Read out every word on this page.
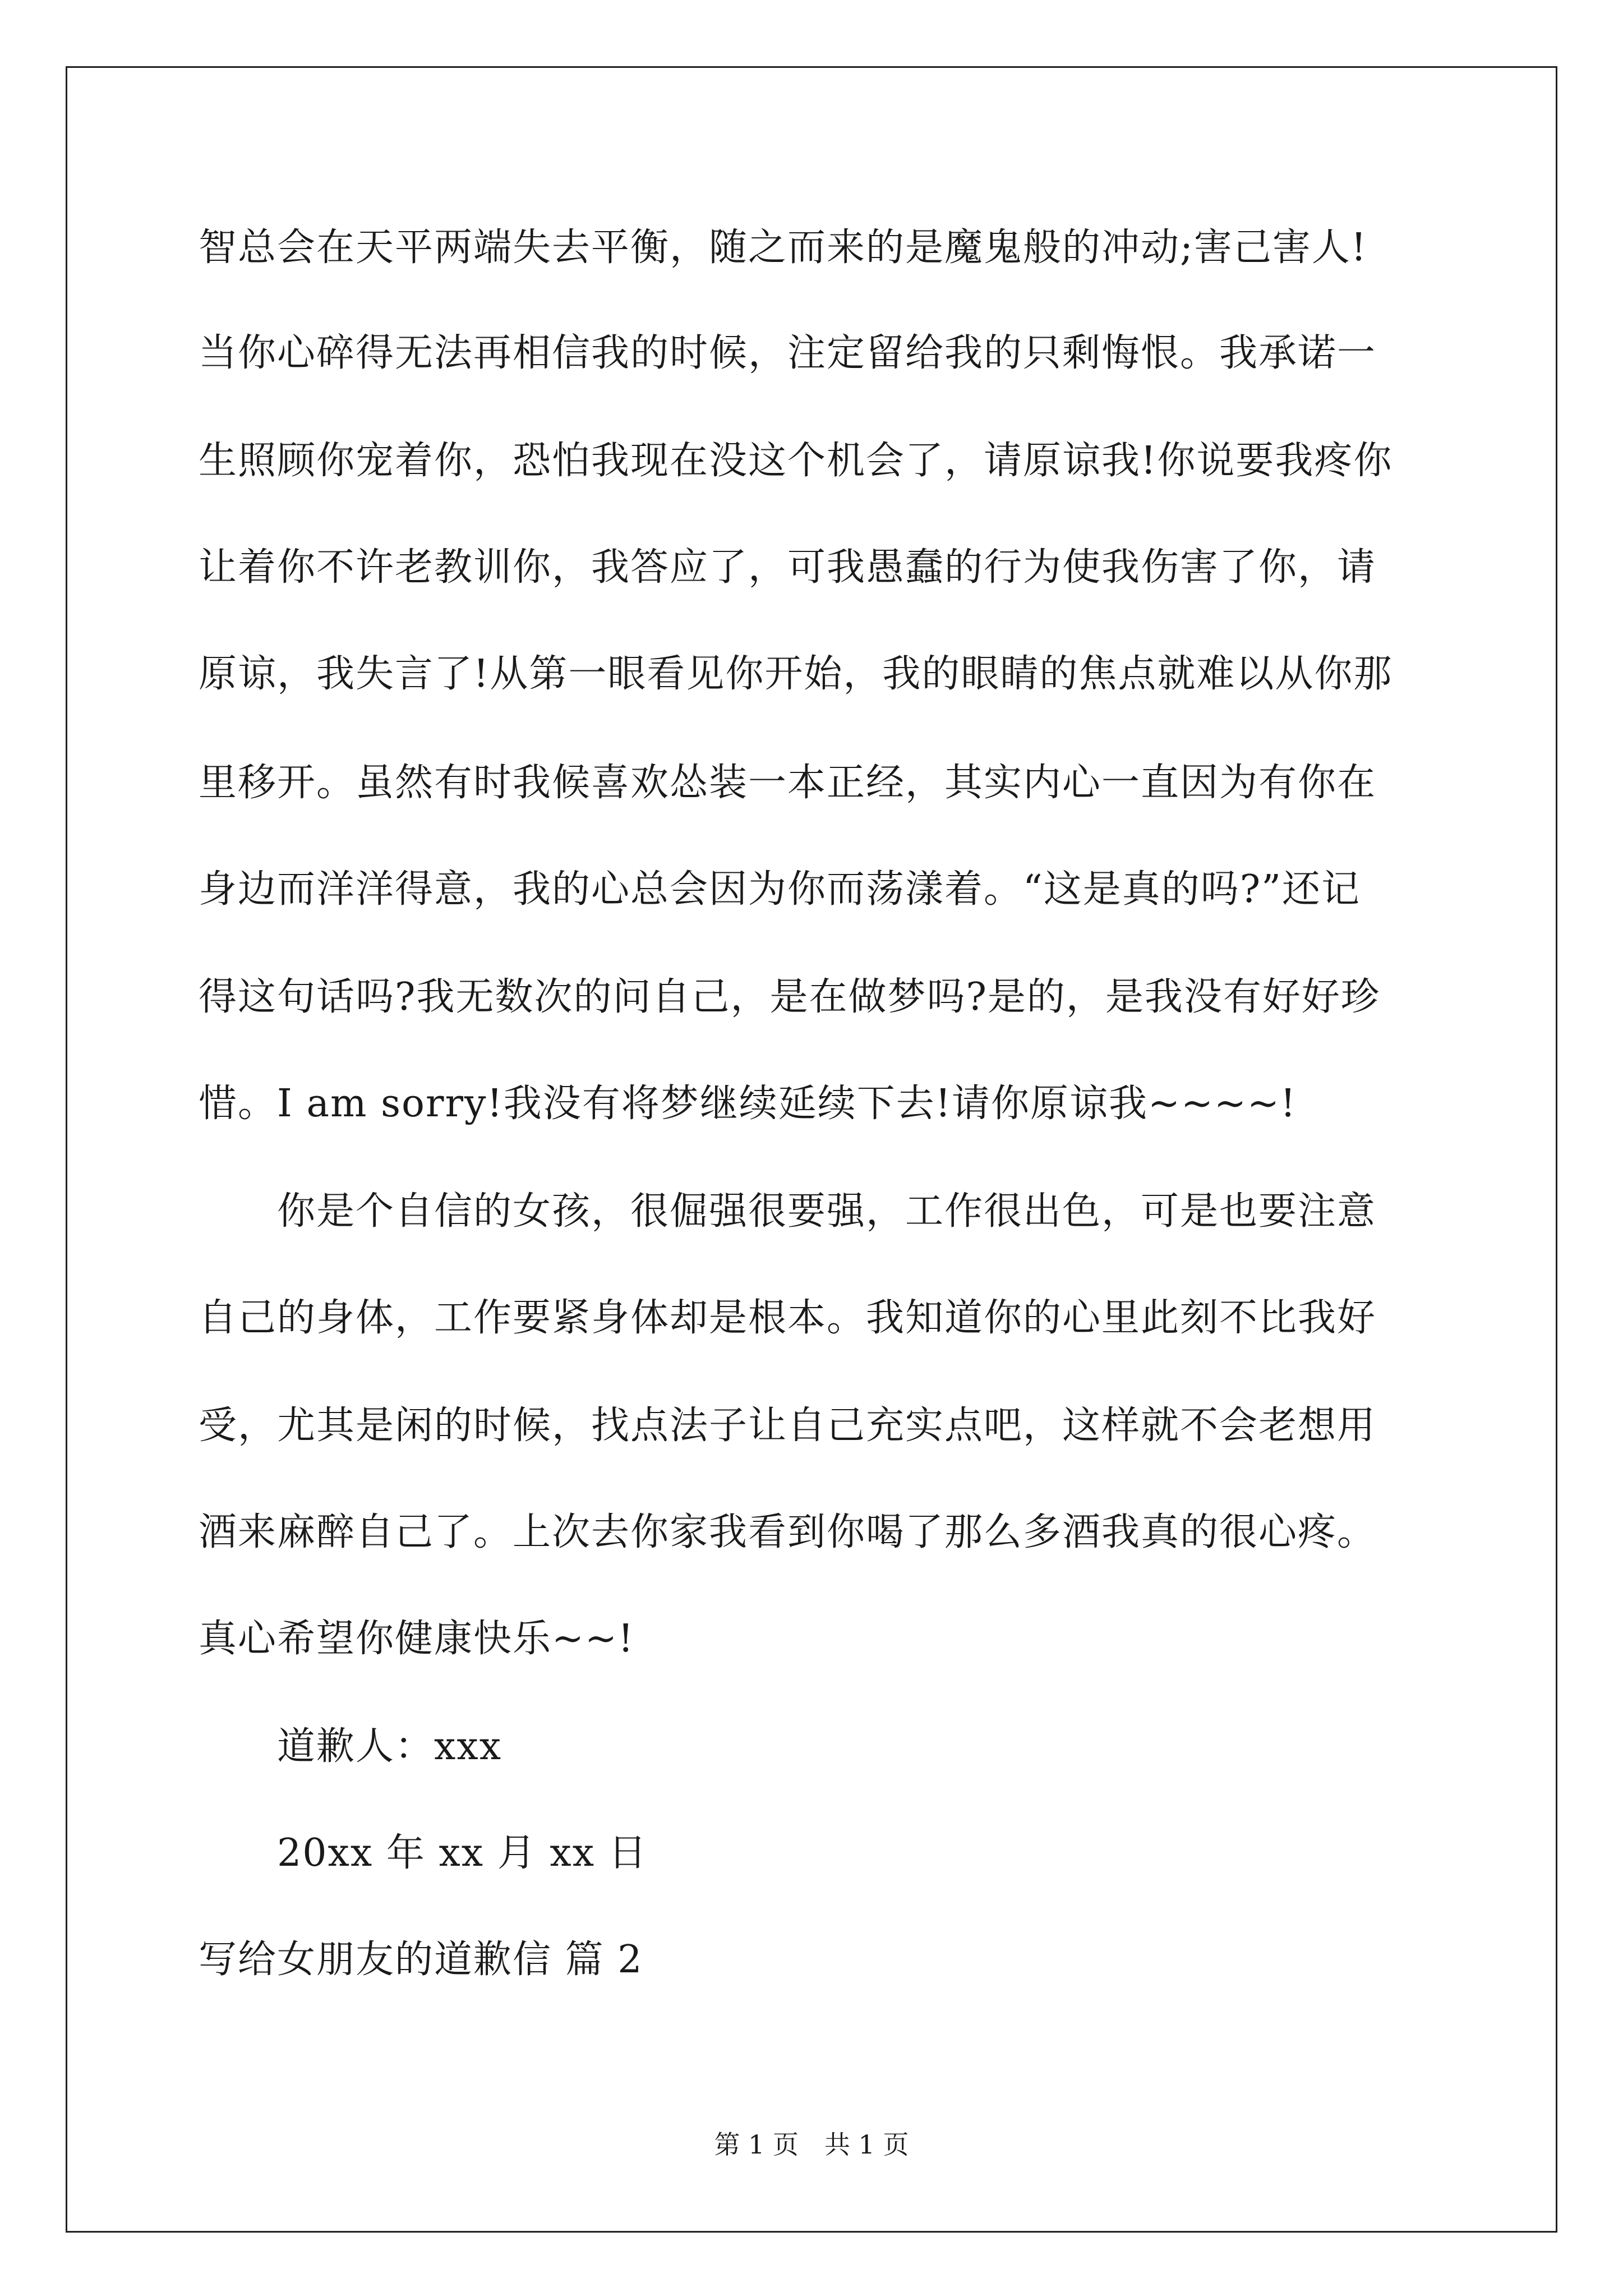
智总会在天平两端失去平衡，随之而来的是魔鬼般的冲动;害己害人!
当你心碎得无法再相信我的时候，注定留给我的只剩悔恨。我承诺一
生照顾你宠着你，恐怕我现在没这个机会了，请原谅我!你说要我疼你
让着你不许老教训你，我答应了，可我愚蠢的行为使我伤害了你，请
原谅，我失言了!从第一眼看见你开始，我的眼睛的焦点就难以从你那
里移开。虽然有时我候喜欢怂装一本正经，其实内心一直因为有你在
身边而洋洋得意，我的心总会因为你而荡漾着。“这是真的吗?”还记
得这句话吗?我无数次的问自己，是在做梦吗?是的，是我没有好好珍
惜。I am sorry!我没有将梦继续延续下去!请你原谅我~~~~!
你是个自信的女孩，很倔强很要强，工作很出色，可是也要注意
自己的身体，工作要紧身体却是根本。我知道你的心里此刻不比我好
受，尤其是闲的时候，找点法子让自己充实点吧，这样就不会老想用
酒来麻醉自己了。上次去你家我看到你喝了那么多酒我真的很心疼。
真心希望你健康快乐~~!
道歉人：xxx
20xx 年 xx 月 xx 日
写给女朋友的道歉信 篇 2
第 1 页　共 1 页
